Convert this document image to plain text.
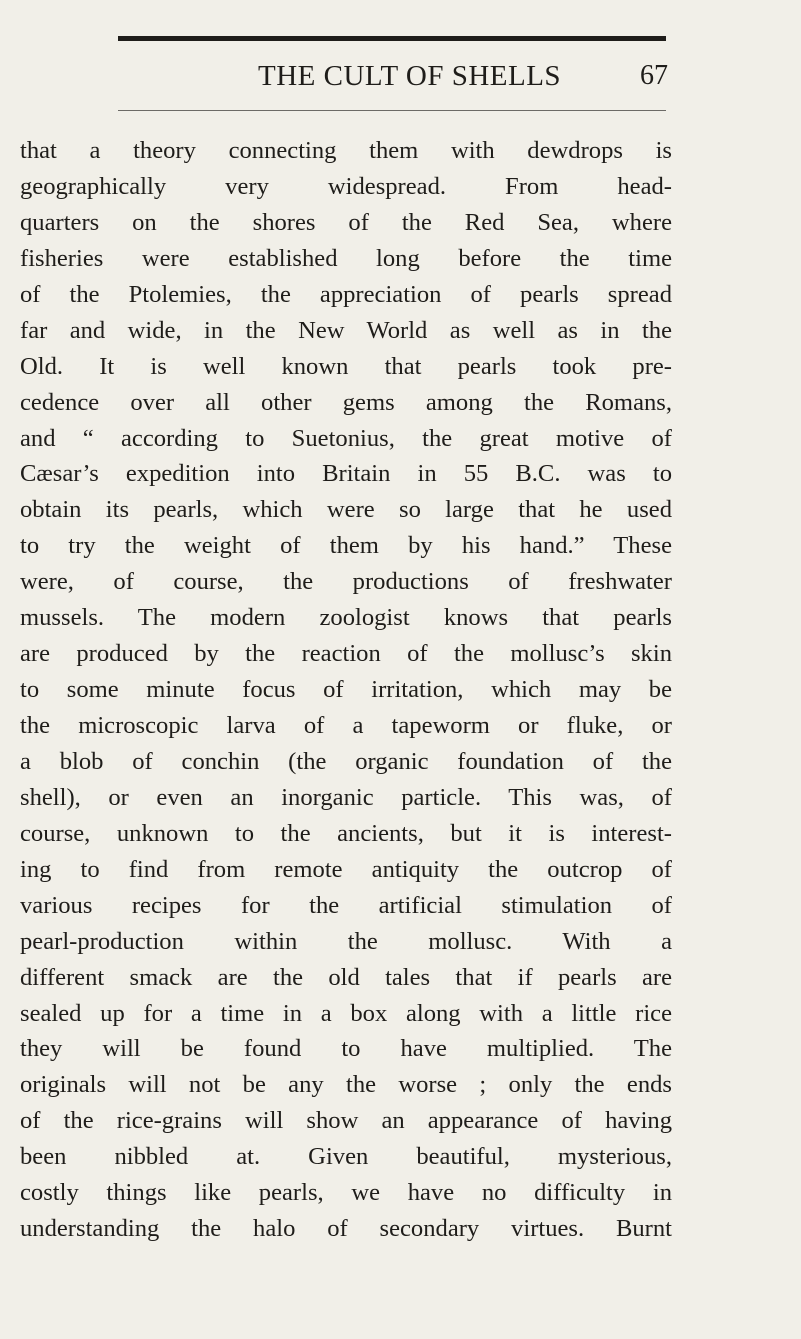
THE CULT OF SHELLS	67
that a theory connecting them with dewdrops is
geographically very widespread. From head-
quarters on the shores of the Red Sea, where
fisheries were established long before the time
of the Ptolemies, the appreciation of pearls spread
far and wide, in the New World as well as in the
Old. It is well known that pearls took pre-
cedence over all other gems among the Romans,
and “ according to Suetonius, the great motive of
Cæsar’s expedition into Britain in 55 B.C. was to
obtain its pearls, which were so large that he used
to try the weight of them by his hand.” These
were, of course, the productions of freshwater
mussels. The modern zoologist knows that pearls
are produced by the reaction of the mollusc’s skin
to some minute focus of irritation, which may be
the microscopic larva of a tapeworm or fluke, or
a blob of conchin (the organic foundation of the
shell), or even an inorganic particle. This was, of
course, unknown to the ancients, but it is interest-
ing to find from remote antiquity the outcrop of
various recipes for the artificial stimulation of
pearl-production within the mollusc. With a
different smack are the old tales that if pearls are
sealed up for a time in a box along with a little rice
they will be found to have multiplied. The
originals will not be any the worse ; only the ends
of the rice-grains will show an appearance of having
been nibbled at. Given beautiful, mysterious,
costly things like pearls, we have no difficulty in
understanding the halo of secondary virtues. Burnt
